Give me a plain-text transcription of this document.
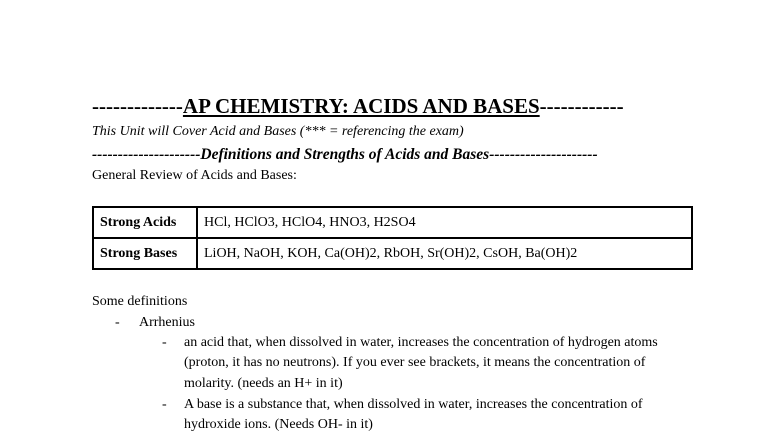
-------------AP CHEMISTRY: ACIDS AND BASES------------
This Unit will Cover Acid and Bases (*** = referencing the exam)
---------------------Definitions and Strengths of Acids and Bases---------------------
General Review of Acids and Bases:
Strong Acids	HCl, HClO3, HClO4, HNO3, H2SO4
Strong Bases	LiOH, NaOH, KOH, Ca(OH)2, RbOH, Sr(OH)2, CsOH, Ba(OH)2
Some definitions
- Arrhenius
- an acid that, when dissolved in water, increases the concentration of hydrogen atoms (proton, it has no neutrons). If you ever see brackets, it means the concentration of molarity. (needs an H+ in it)
- A base is a substance that, when dissolved in water, increases the concentration of hydroxide ions. (Needs OH- in it)
